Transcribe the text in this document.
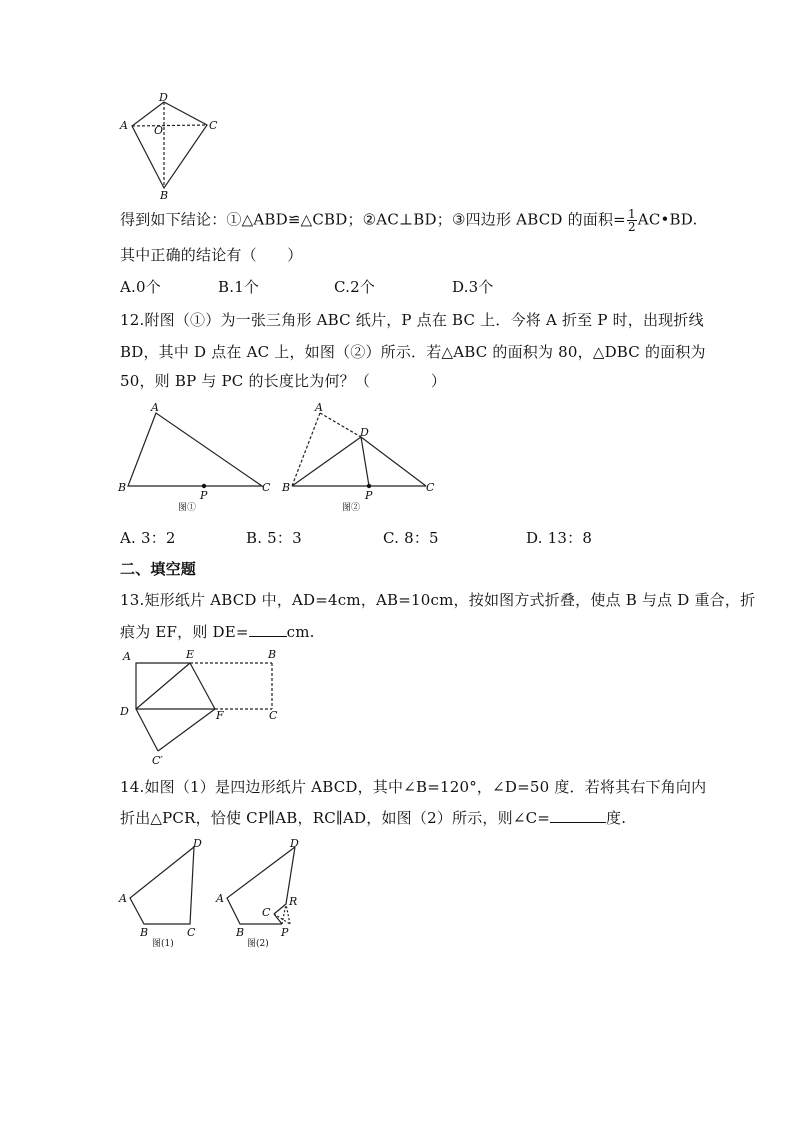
D
A O	C
B
得到如下结论：①△ABD≌△CBD；②AC⊥BD；③四边形 ABCD 的面积= $\frac{1}{2}$ AC•BD.
其中正确的结论有（　　）
A.0个	B.1个	C.2个	D.3个
12.附图（①）为一张三角形 ABC 纸片，P 点在 BC 上．今将 A 折至 P 时，出现折线
BD，其中 D 点在 AC 上，如图（②）所示．若△ABC 的面积为 80，△DBC 的面积为
50，则 BP 与 PC 的长度比为何？（　　　　）
A
B	C
P
图①
A
D
B	C
P
图②
A. 3：2	B. 5：3	C. 8：5	D. 13：8
二、填空题
13.矩形纸片 ABCD 中，AD=4cm，AB=10cm，按如图方式折叠，使点 B 与点 D 重合，折
痕为 EF，则 DE=	cm.
A	E	B
D	F	C
C′
14.如图（1）是四边形纸片 ABCD，其中∠B=120°，∠D=50 度．若将其右下角向内
折出△PCR，恰使 CP∥AB，RC∥AD，如图（2）所示，则∠C=	度.
D
A
B	C
图(1)
D
A
C
R
B	P
图(2)
